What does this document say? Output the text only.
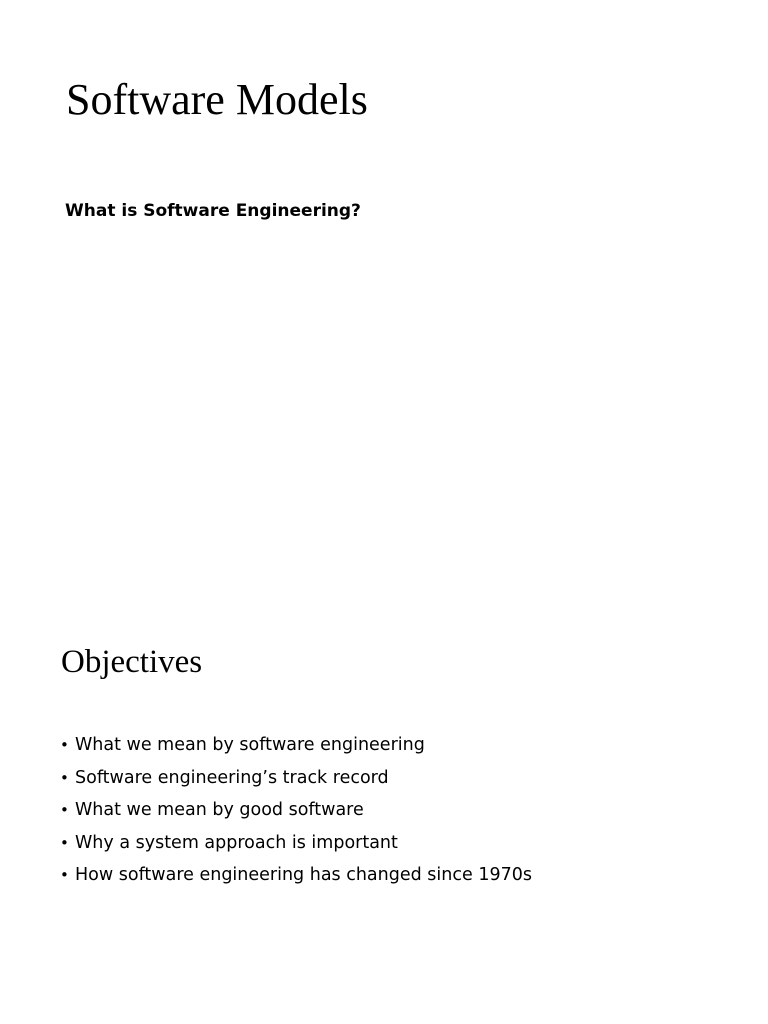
Software Models

What is Software Engineering?

Objectives
• What we mean by software engineering
• Software engineering’s track record
• What we mean by good software
• Why a system approach is important
• How software engineering has changed since 1970s
